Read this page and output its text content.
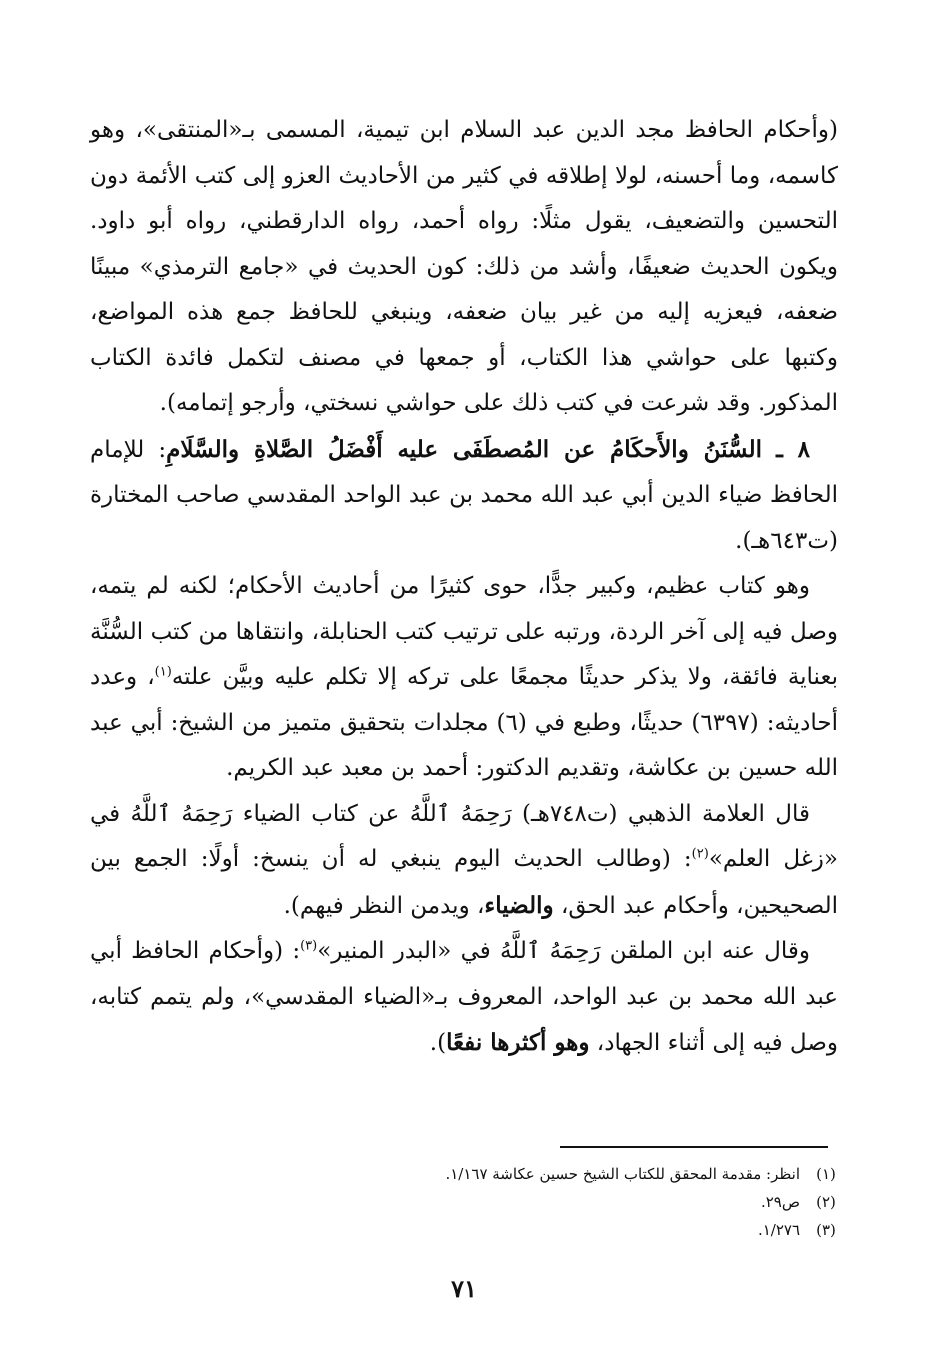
(وأحكام الحافظ مجد الدين عبد السلام ابن تيمية، المسمى بـ«المنتقى»، وهو كاسمه، وما أحسنه، لولا إطلاقه في كثير من الأحاديث العزو إلى كتب الأئمة دون التحسين والتضعيف، يقول مثلًا: رواه أحمد، رواه الدارقطني، رواه أبو داود. ويكون الحديث ضعيفًا، وأشد من ذلك: كون الحديث في «جامع الترمذي» مبينًا ضعفه، فيعزيه إليه من غير بيان ضعفه، وينبغي للحافظ جمع هذه المواضع، وكتبها على حواشي هذا الكتاب، أو جمعها في مصنف لتكمل فائدة الكتاب المذكور. وقد شرعت في كتب ذلك على حواشي نسختي، وأرجو إتمامه).

٨ ـ السُّنَنُ والأَحكَامُ عن المُصطَفَى عليه أَفْضَلُ الصَّلاةِ والسَّلَامِ: للإمام الحافظ ضياء الدين أبي عبد الله محمد بن عبد الواحد المقدسي صاحب المختارة (ت٦٤٣هـ).

وهو كتاب عظيم، وكبير جدًّا، حوى كثيرًا من أحاديث الأحكام؛ لكنه لم يتمه، وصل فيه إلى آخر الردة، ورتبه على ترتيب كتب الحنابلة، وانتقاها من كتب السُّنَّة بعناية فائقة، ولا يذكر حديثًا مجمعًا على تركه إلا تكلم عليه وبيَّن علته$^{(١)}$، وعدد أحاديثه: (٦٣٩٧) حديثًا، وطبع في (٦) مجلدات بتحقيق متميز من الشيخ: أبي عبد الله حسين بن عكاشة، وتقديم الدكتور: أحمد بن معبد عبد الكريم.

قال العلامة الذهبي (ت٧٤٨هـ) رَحِمَهُ ٱللَّهُ عن كتاب الضياء رَحِمَهُ ٱللَّهُ في «زغل العلم»$^{(٢)}$: (وطالب الحديث اليوم ينبغي له أن ينسخ: أولًا: الجمع بين الصحيحين، وأحكام عبد الحق، والضياء، ويدمن النظر فيهم).

وقال عنه ابن الملقن رَحِمَهُ ٱللَّهُ في «البدر المنير»$^{(٣)}$: (وأحكام الحافظ أبي عبد الله محمد بن عبد الواحد، المعروف بـ«الضياء المقدسي»، ولم يتمم كتابه، وصل فيه إلى أثناء الجهاد، وهو أكثرها نفعًا).

(١)
انظر: مقدمة المحقق للكتاب الشيخ حسين عكاشة ١/١٦٧.
(٢)
ص٢٩.
(٣)
١/٢٧٦.
٧١
